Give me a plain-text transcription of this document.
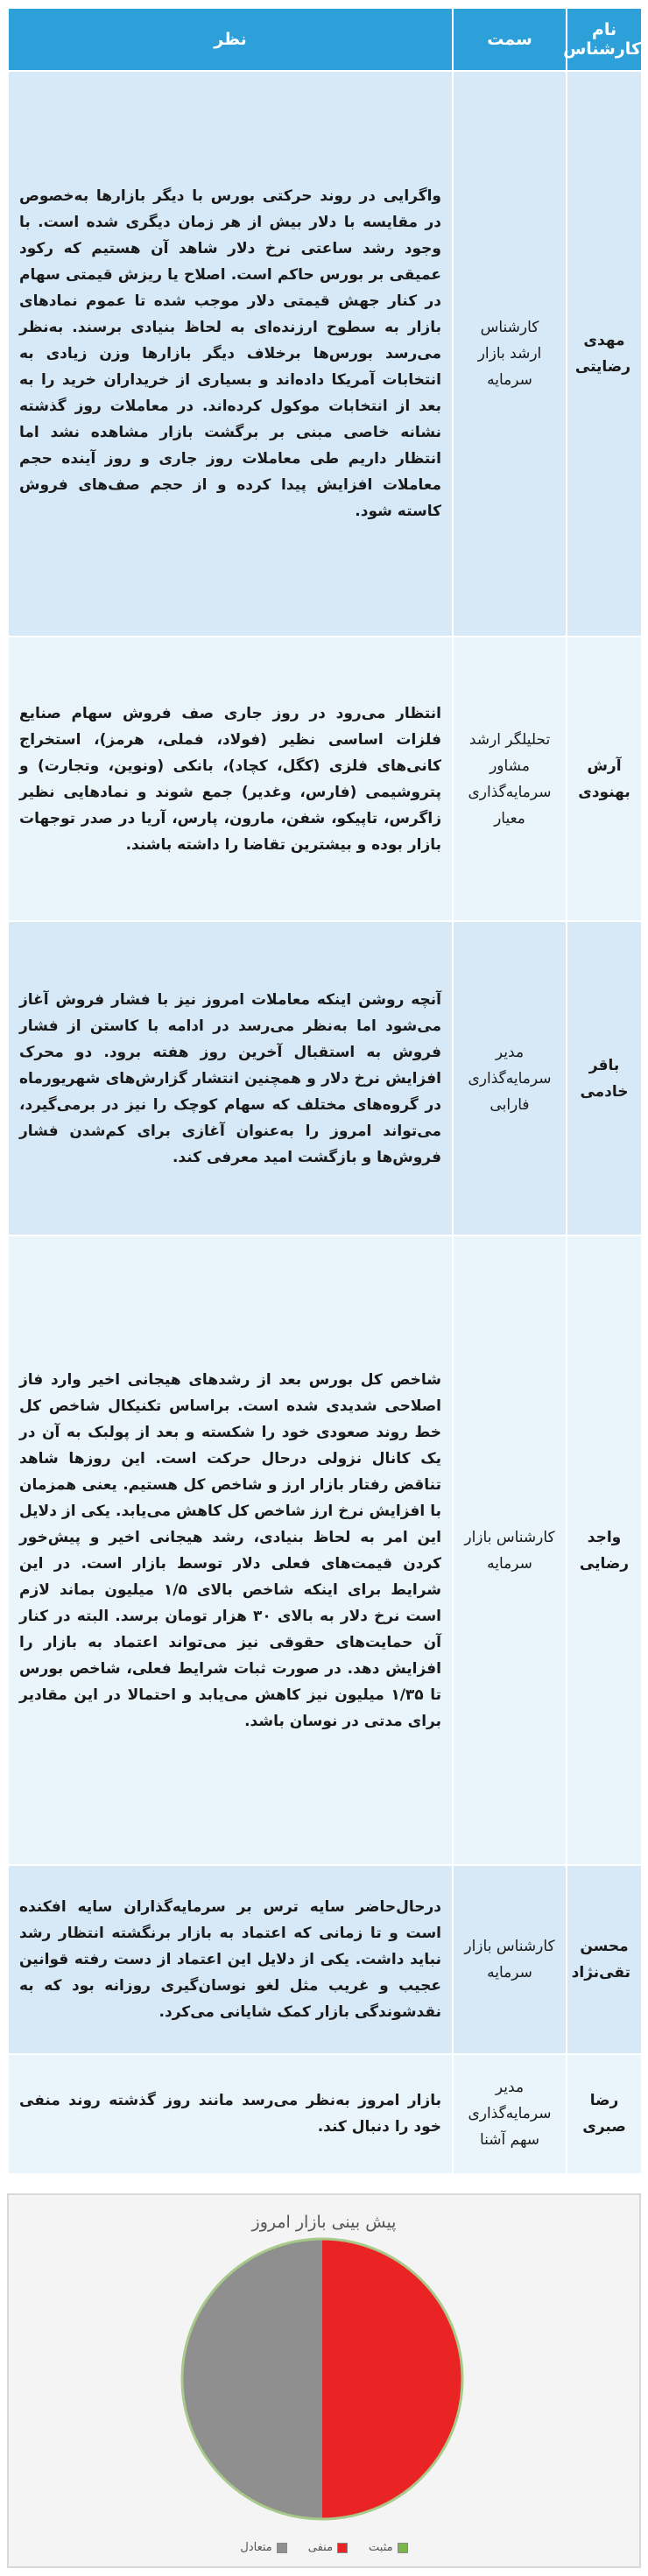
نام کارشناس	سمت	نظر
مهدی رضایتی	کارشناس ارشد بازار سرمایه	واگرایی در روند حرکتی بورس با دیگر بازارها به‌خصوص در مقایسه با دلار بیش از هر زمان دیگری شده است. با وجود رشد ساعتی نرخ دلار شاهد آن هستیم که رکود عمیقی بر بورس حاکم است. اصلاح یا ریزش قیمتی سهام در کنار جهش قیمتی دلار موجب شده تا عموم نمادهای بازار به سطوح ارزنده‌ای به لحاظ بنیادی برسند. به‌نظر می‌رسد بورس‌ها برخلاف دیگر بازارها وزن زیادی به انتخابات آمریکا داده‌اند و بسیاری از خریداران خرید را به بعد از انتخابات موکول کرده‌اند. در معاملات روز گذشته نشانه خاصی مبنی بر برگشت بازار مشاهده نشد اما انتظار داریم طی معاملات روز جاری و روز آینده حجم معاملات افزایش پیدا کرده و از حجم صف‌های فروش کاسته شود.
آرش بهنودی	تحلیلگر ارشد مشاور سرمایه‌گذاری معیار	انتظار می‌رود در روز جاری صف فروش سهام صنایع فلزات اساسی نظیر (فولاد، فملی، هرمز)، استخراج کانی‌های فلزی (کگل، کچاد)، بانکی (ونوین، وتجارت) و پتروشیمی (فارس، وغدیر) جمع شوند و نمادهایی نظیر زاگرس، تاپیکو، شفن، مارون، پارس، آریا در صدر توجهات بازار بوده و بیشترین تقاضا را داشته باشند.
باقر خادمی	مدیر سرمایه‌گذاری فارابی	آنچه روشن اینکه معاملات امروز نیز با فشار فروش آغاز می‌شود اما به‌نظر می‌رسد در ادامه با کاستن از فشار فروش به استقبال آخرین روز هفته برود. دو محرک افزایش نرخ دلار و همچنین انتشار گزارش‌های شهریورماه در گروه‌های مختلف که سهام کوچک را نیز در برمی‌گیرد، می‌تواند امروز را به‌عنوان آغازی برای کم‌شدن فشار فروش‌ها و بازگشت امید معرفی کند.
واجد رضایی	کارشناس بازار سرمایه	شاخص کل بورس بعد از رشدهای هیجانی اخیر وارد فاز اصلاحی شدیدی شده است. براساس تکنیکال شاخص کل خط روند صعودی خود را شکسته و بعد از پولبک به آن در یک کانال نزولی درحال حرکت است. این روزها شاهد تناقض رفتار بازار ارز و شاخص کل هستیم. یعنی همزمان با افزایش نرخ ارز شاخص کل کاهش می‌یابد. یکی از دلایل این امر به لحاظ بنیادی، رشد هیجانی اخیر و پیش‌خور کردن قیمت‌های فعلی دلار توسط بازار است. در این شرایط برای اینکه شاخص بالای ۱/۵ میلیون بماند لازم است نرخ دلار به بالای ۳۰ هزار تومان برسد. البته در کنار آن حمایت‌های حقوقی نیز می‌تواند اعتماد به بازار را افزایش دهد. در صورت ثبات شرایط فعلی، شاخص بورس تا ۱/۳۵ میلیون نیز کاهش می‌یابد و احتمالا در این مقادیر برای مدتی در نوسان باشد.
محسن تقی‌نژاد	کارشناس بازار سرمایه	درحال‌حاضر سایه ترس بر سرمایه‌گذاران سایه افکنده است و تا زمانی که اعتماد به بازار برنگشته انتظار رشد نباید داشت. یکی از دلایل این اعتماد از دست رفته قوانین عجیب و غریب مثل لغو نوسان‌گیری روزانه بود که به نقدشوندگی بازار کمک شایانی می‌کرد.
رضا صبری	مدیر سرمایه‌گذاری سهم آشنا	بازار امروز به‌نظر می‌رسد مانند روز گذشته روند منفی خود را دنبال کند.
پیش بینی بازار امروز
مثبت
منفی
متعادل
